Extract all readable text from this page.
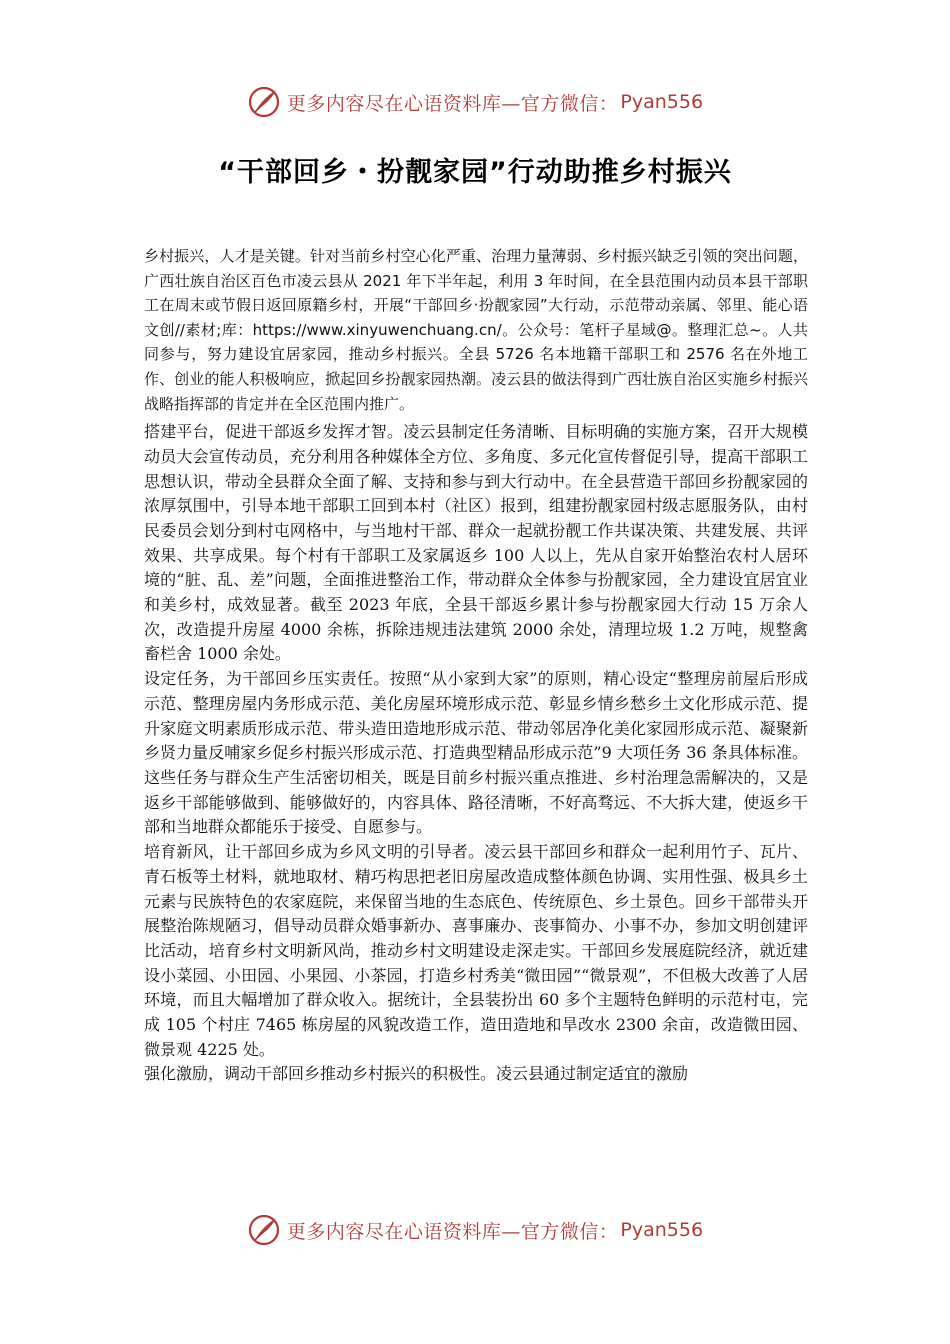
更多内容尽在心语资料库—官方微信： Pyan556
“干部回乡・扮靓家园”行动助推乡村振兴

乡村振兴，人才是关键。针对当前乡村空心化严重、治理力量薄弱、乡村振兴缺乏引领的突出问题，广西壮族自治区百色市凌云县从 2021 年下半年起，利用 3 年时间，在全县范围内动员本县干部职工在周末或节假日返回原籍乡村，开展“干部回乡·扮靓家园”大行动，示范带动亲属、邻里、能心语文创//素材;库：https://www.xinyuwenchuang.cn/。公众号：笔杆子星域@。整理汇总~。人共同参与，努力建设宜居家园，推动乡村振兴。全县 5726 名本地籍干部职工和 2576 名在外地工作、创业的能人积极响应，掀起回乡扮靓家园热潮。凌云县的做法得到广西壮族自治区实施乡村振兴战略指挥部的肯定并在全区范围内推广。

搭建平台，促进干部返乡发挥才智。凌云县制定任务清晰、目标明确的实施方案，召开大规模动员大会宣传动员，充分利用各种媒体全方位、多角度、多元化宣传督促引导，提高干部职工思想认识，带动全县群众全面了解、支持和参与到大行动中。在全县营造干部回乡扮靓家园的浓厚氛围中，引导本地干部职工回到本村（社区）报到，组建扮靓家园村级志愿服务队，由村民委员会划分到村屯网格中，与当地村干部、群众一起就扮靓工作共谋决策、共建发展、共评效果、共享成果。每个村有干部职工及家属返乡 100 人以上，先从自家开始整治农村人居环境的“脏、乱、差”问题，全面推进整治工作，带动群众全体参与扮靓家园，全力建设宜居宜业和美乡村，成效显著。截至 2023 年底，全县干部返乡累计参与扮靓家园大行动 15 万余人次，改造提升房屋 4000 余栋，拆除违规违法建筑 2000 余处，清理垃圾 1.2 万吨，规整禽畜栏舍 1000 余处。

设定任务，为干部回乡压实责任。按照“从小家到大家”的原则，精心设定“整理房前屋后形成示范、整理房屋内务形成示范、美化房屋环境形成示范、彰显乡情乡愁乡土文化形成示范、提升家庭文明素质形成示范、带头造田造地形成示范、带动邻居净化美化家园形成示范、凝聚新乡贤力量反哺家乡促乡村振兴形成示范、打造典型精品形成示范”9 大项任务 36 条具体标准。这些任务与群众生产生活密切相关，既是目前乡村振兴重点推进、乡村治理急需解决的，又是返乡干部能够做到、能够做好的，内容具体、路径清晰，不好高骛远、不大拆大建，使返乡干部和当地群众都能乐于接受、自愿参与。

培育新风，让干部回乡成为乡风文明的引导者。凌云县干部回乡和群众一起利用竹子、瓦片、青石板等土材料，就地取材、精巧构思把老旧房屋改造成整体颜色协调、实用性强、极具乡土元素与民族特色的农家庭院，来保留当地的生态底色、传统原色、乡土景色。回乡干部带头开展整治陈规陋习，倡导动员群众婚事新办、喜事廉办、丧事简办、小事不办，参加文明创建评比活动，培育乡村文明新风尚，推动乡村文明建设走深走实。干部回乡发展庭院经济，就近建设小菜园、小田园、小果园、小茶园，打造乡村秀美“微田园”“微景观”，不但极大改善了人居环境，而且大幅增加了群众收入。据统计，全县装扮出 60 多个主题特色鲜明的示范村屯，完成 105 个村庄 7465 栋房屋的风貌改造工作，造田造地和旱改水 2300 余亩，改造微田园、微景观 4225 处。

强化激励，调动干部回乡推动乡村振兴的积极性。凌云县通过制定适宜的激励

更多内容尽在心语资料库—官方微信： Pyan556
